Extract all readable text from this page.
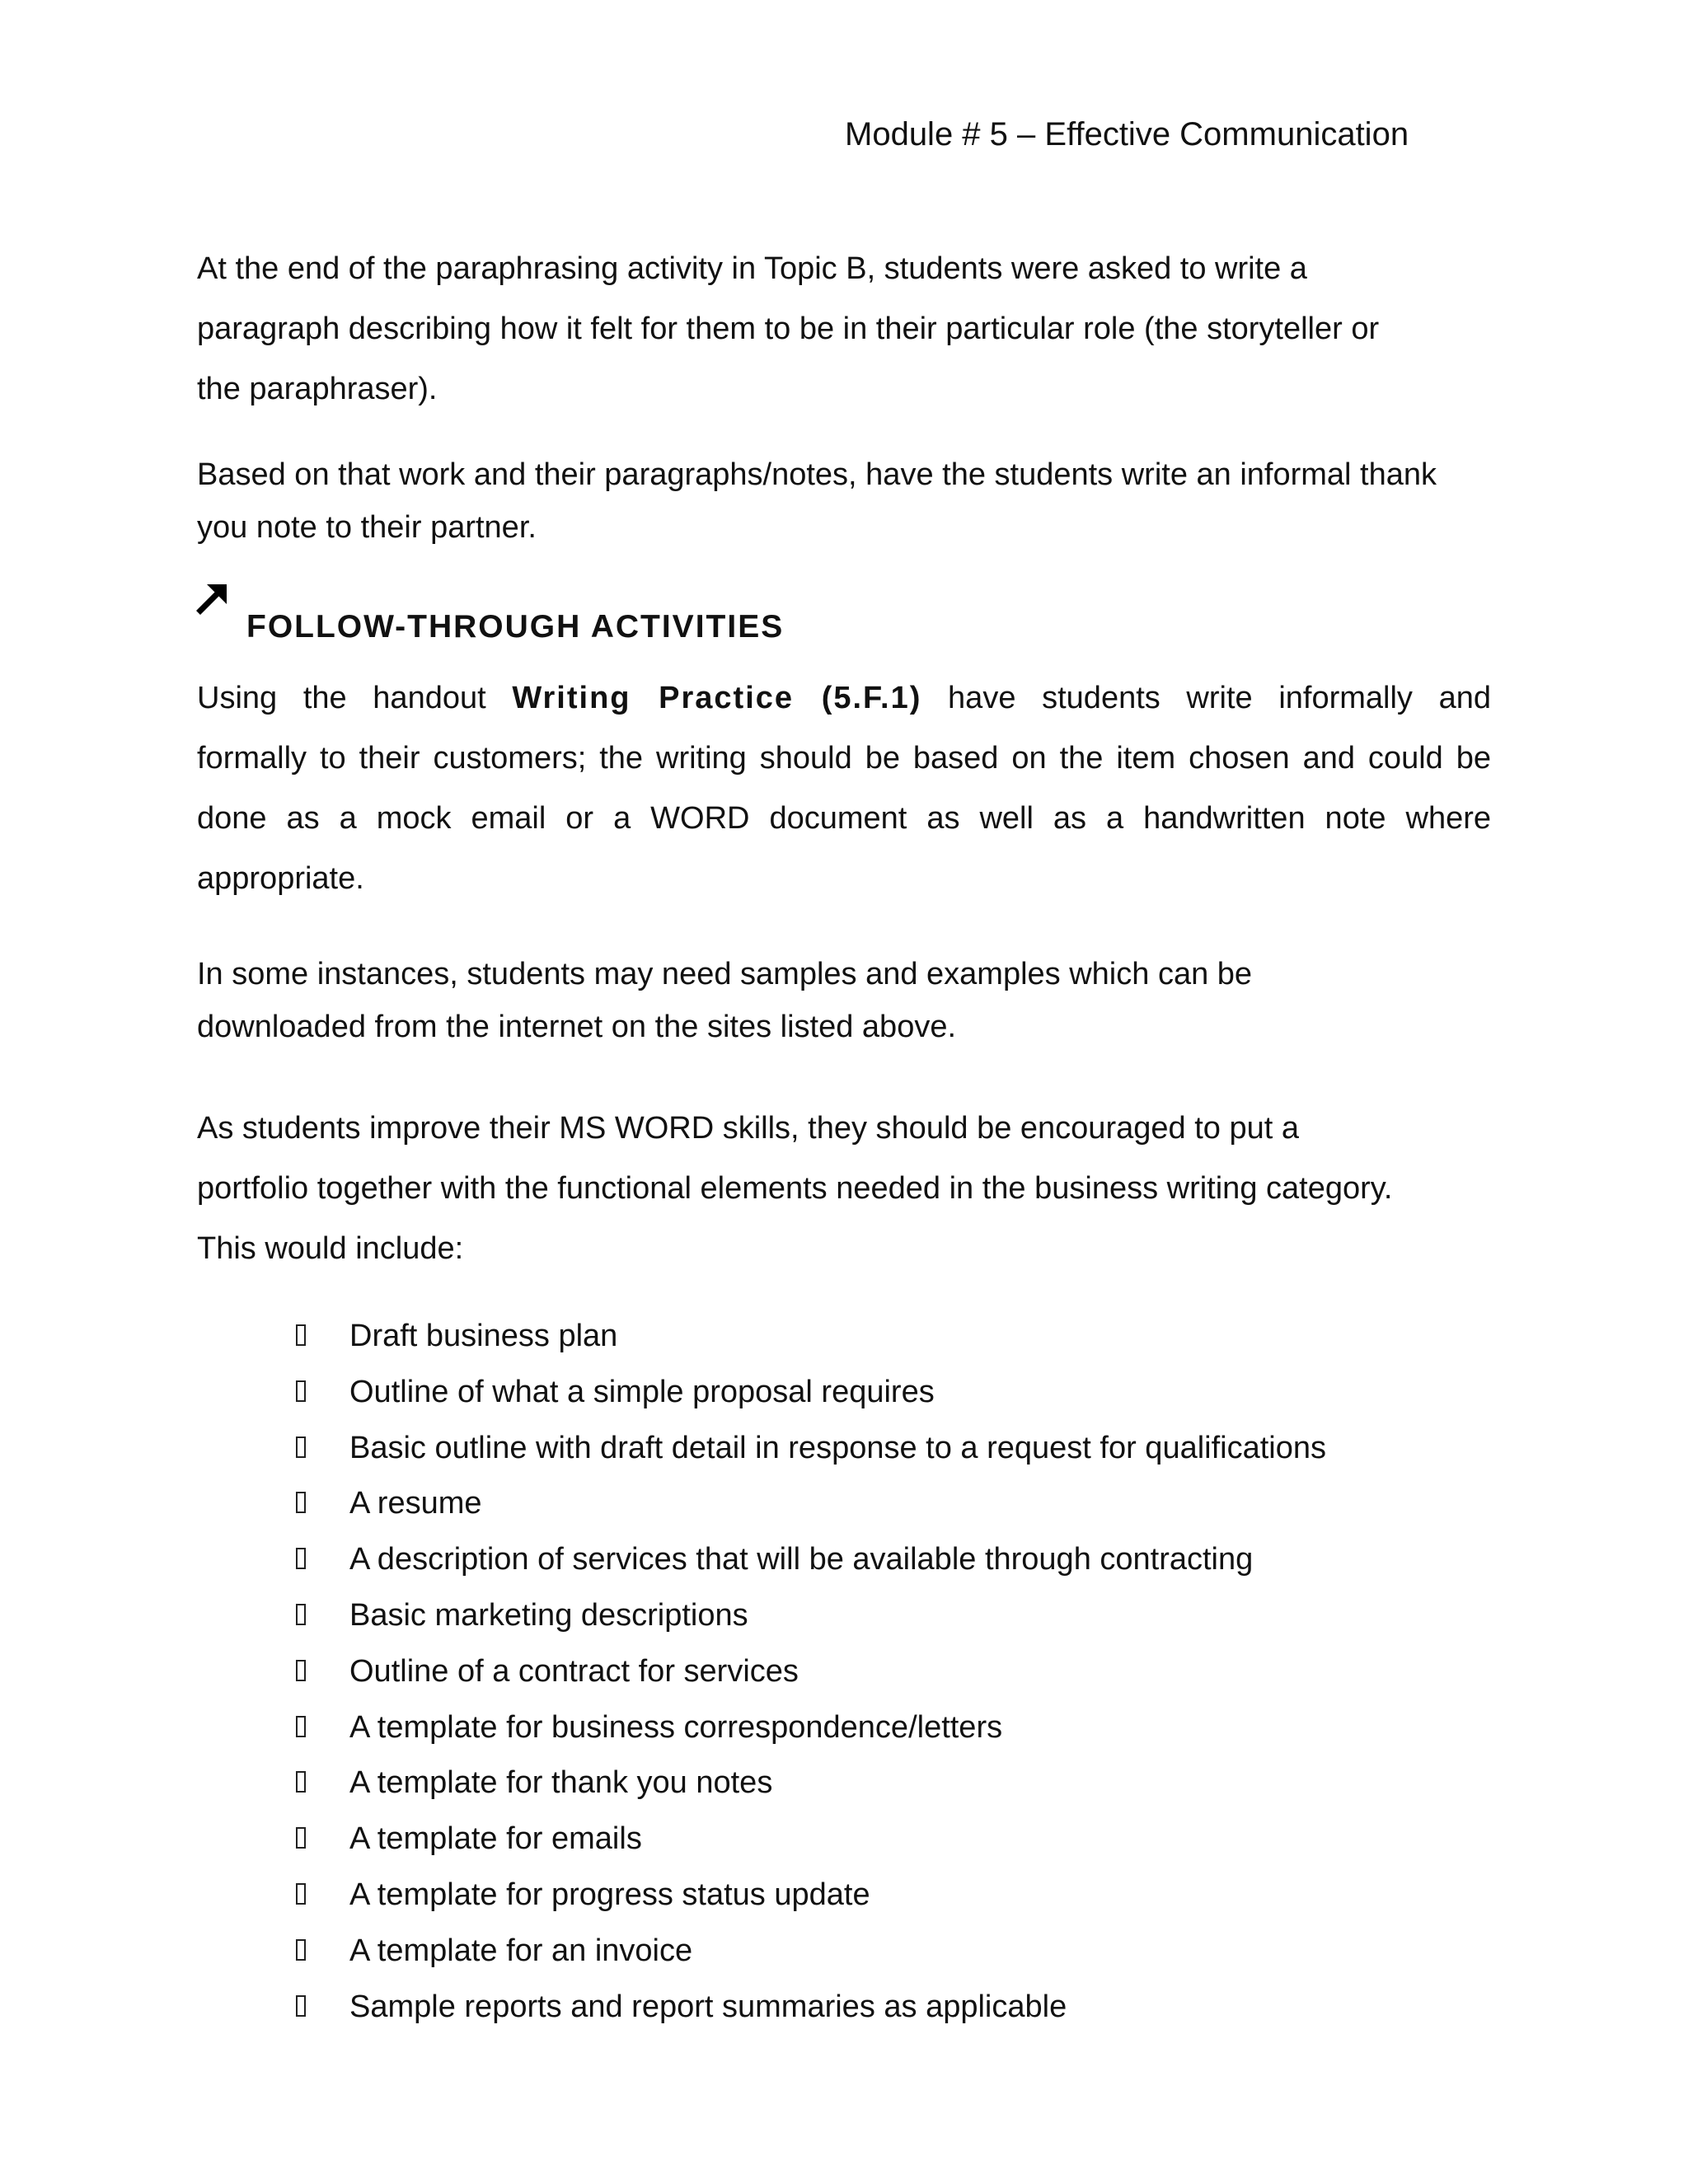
Module # 5 – Effective Communication
At the end of the paraphrasing activity in Topic B, students were asked to write a
paragraph describing how it felt for them to be in their particular role (the storyteller or
the paraphraser).
Based on that work and their paragraphs/notes, have the students write an informal thank
you note to their partner.
FOLLOW-THROUGH ACTIVITIES
Using the handout Writing Practice (5.F.1) have students write informally and
formally to their customers; the writing should be based on the item chosen and could be
done as a mock email or a WORD document as well as a handwritten note where
appropriate.
In some instances, students may need samples and examples which can be
downloaded from the internet on the sites listed above.
As students improve their MS WORD skills, they should be encouraged to put a
portfolio together with the functional elements needed in the business writing category.
This would include:
Draft business plan
Outline of what a simple proposal requires
Basic outline with draft detail in response to a request for qualifications
A resume
A description of services that will be available through contracting
Basic marketing descriptions
Outline of a contract for services
A template for business correspondence/letters
A template for thank you notes
A template for emails
A template for progress status update
A template for an invoice
Sample reports and report summaries as applicable
